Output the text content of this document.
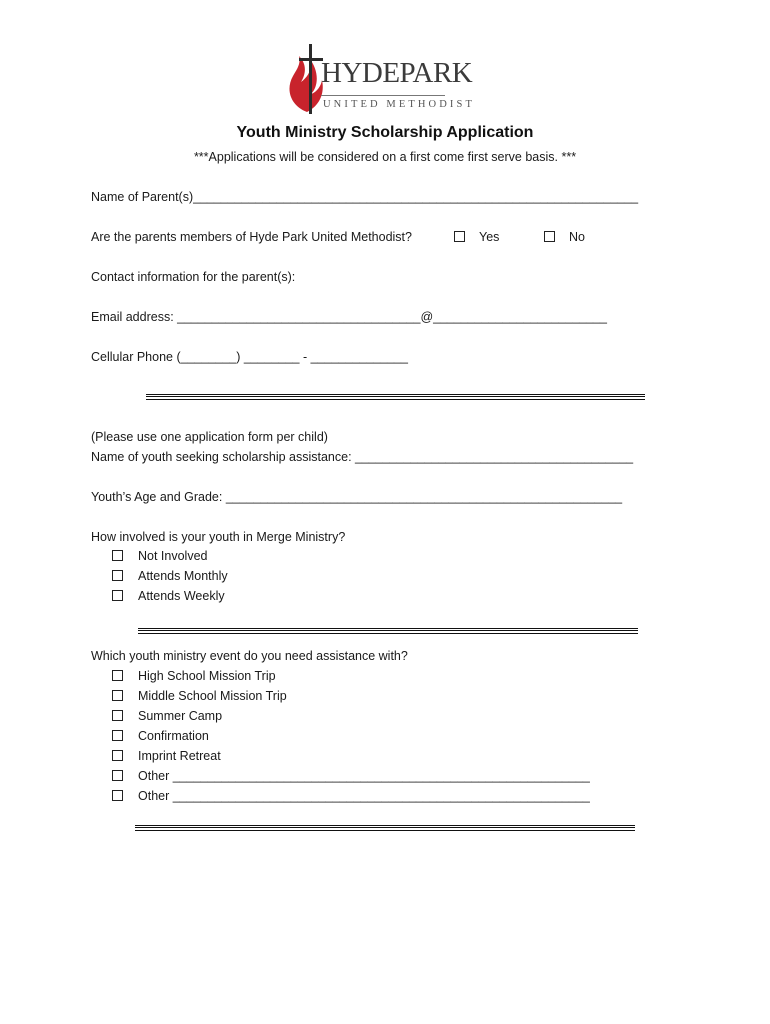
HYDEPARK
UNITED METHODIST
Youth Ministry Scholarship Application
***Applications will be considered on a first come first serve basis. ***
Name of Parent(s)________________________________________________________________
Are the parents members of Hyde Park United Methodist?	Yes	No
Contact information for the parent(s):
Email address: ___________________________________@_________________________
Cellular Phone (________) ________ - ______________
(Please use one application form per child)
Name of youth seeking scholarship assistance: ________________________________________
Youth’s Age and Grade: _________________________________________________________
How involved is your youth in Merge Ministry?
Not Involved
Attends Monthly
Attends Weekly
Which youth ministry event do you need assistance with?
High School Mission Trip
Middle School Mission Trip
Summer Camp
Confirmation
Imprint Retreat
Other ____________________________________________________________
Other ____________________________________________________________
